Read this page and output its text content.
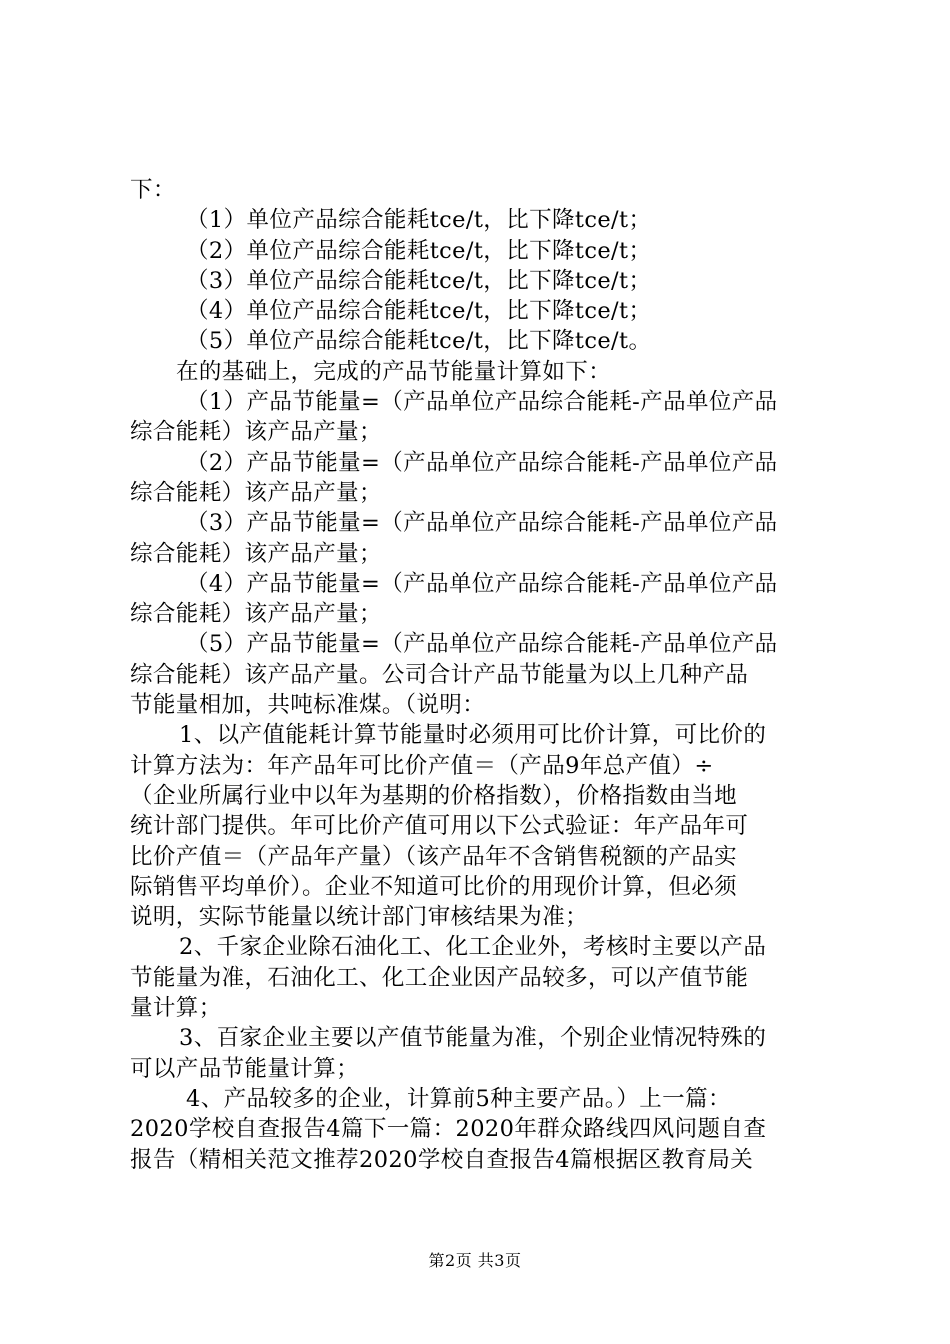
下：
（1）单位产品综合能耗tce/t，比下降tce/t；
（2）单位产品综合能耗tce/t，比下降tce/t；
（3）单位产品综合能耗tce/t，比下降tce/t；
（4）单位产品综合能耗tce/t，比下降tce/t；
（5）单位产品综合能耗tce/t，比下降tce/t。
在的基础上，完成的产品节能量计算如下：
（1）产品节能量=（产品单位产品综合能耗-产品单位产品
综合能耗）该产品产量；
（2）产品节能量=（产品单位产品综合能耗-产品单位产品
综合能耗）该产品产量；
（3）产品节能量=（产品单位产品综合能耗-产品单位产品
综合能耗）该产品产量；
（4）产品节能量=（产品单位产品综合能耗-产品单位产品
综合能耗）该产品产量；
（5）产品节能量=（产品单位产品综合能耗-产品单位产品
综合能耗）该产品产量。公司合计产品节能量为以上几种产品
节能量相加，共吨标准煤。（说明：
1、以产值能耗计算节能量时必须用可比价计算，可比价的
计算方法为：年产品年可比价产值＝（产品9年总产值）÷
（企业所属行业中以年为基期的价格指数），价格指数由当地
统计部门提供。年可比价产值可用以下公式验证：年产品年可
比价产值＝（产品年产量）（该产品年不含销售税额的产品实
际销售平均单价）。企业不知道可比价的用现价计算，但必须
说明，实际节能量以统计部门审核结果为准；
2、千家企业除石油化工、化工企业外，考核时主要以产品
节能量为准，石油化工、化工企业因产品较多，可以产值节能
量计算；
3、百家企业主要以产值节能量为准，个别企业情况特殊的
可以产品节能量计算；
4、产品较多的企业，计算前5种主要产品。）上一篇：
2020学校自查报告4篇下一篇：2020年群众路线四风问题自查
报告（精相关范文推荐2020学校自查报告4篇根据区教育局关
第2页 共3页
